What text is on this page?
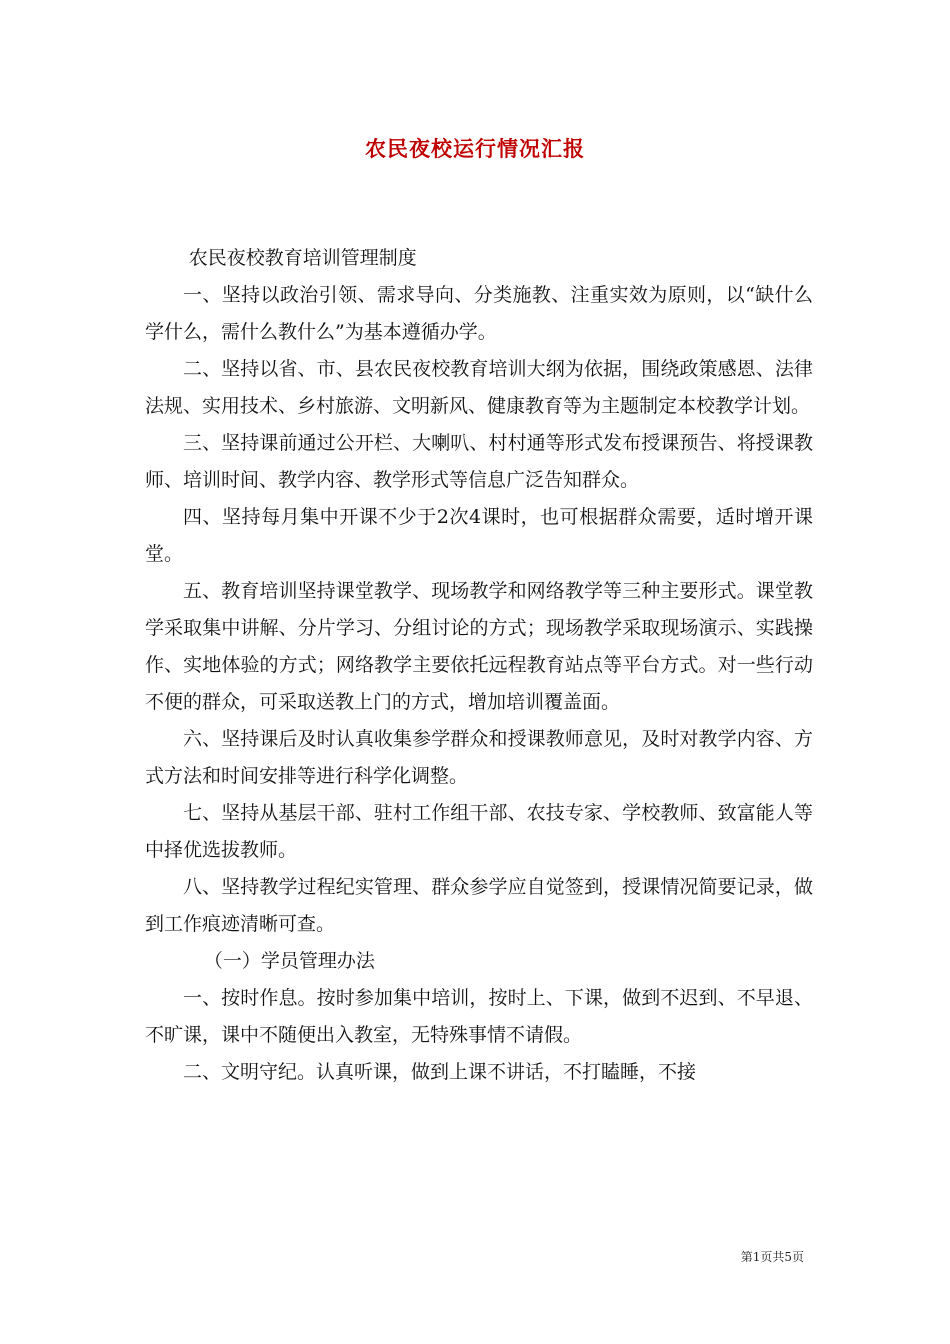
农民夜校运行情况汇报

农民夜校教育培训管理制度

一、坚持以政治引领、需求导向、分类施教、注重实效为原则，以“缺什么学什么，需什么教什么”为基本遵循办学。

二、坚持以省、市、县农民夜校教育培训大纲为依据，围绕政策感恩、法律法规、实用技术、乡村旅游、文明新风、健康教育等为主题制定本校教学计划。

三、坚持课前通过公开栏、大喇叭、村村通等形式发布授课预告、将授课教师、培训时间、教学内容、教学形式等信息广泛告知群众。

四、坚持每月集中开课不少于2次4课时，也可根据群众需要，适时增开课堂。

五、教育培训坚持课堂教学、现场教学和网络教学等三种主要形式。课堂教学采取集中讲解、分片学习、分组讨论的方式；现场教学采取现场演示、实践操作、实地体验的方式；网络教学主要依托远程教育站点等平台方式。对一些行动不便的群众，可采取送教上门的方式，增加培训覆盖面。

六、坚持课后及时认真收集参学群众和授课教师意见，及时对教学内容、方式方法和时间安排等进行科学化调整。

七、坚持从基层干部、驻村工作组干部、农技专家、学校教师、致富能人等中择优选拔教师。

八、坚持教学过程纪实管理、群众参学应自觉签到，授课情况简要记录，做到工作痕迹清晰可查。

（一）学员管理办法

一、按时作息。按时参加集中培训，按时上、下课，做到不迟到、不早退、不旷课，课中不随便出入教室，无特殊事情不请假。

二、文明守纪。认真听课，做到上课不讲话，不打瞌睡，不接

第1页共5页
